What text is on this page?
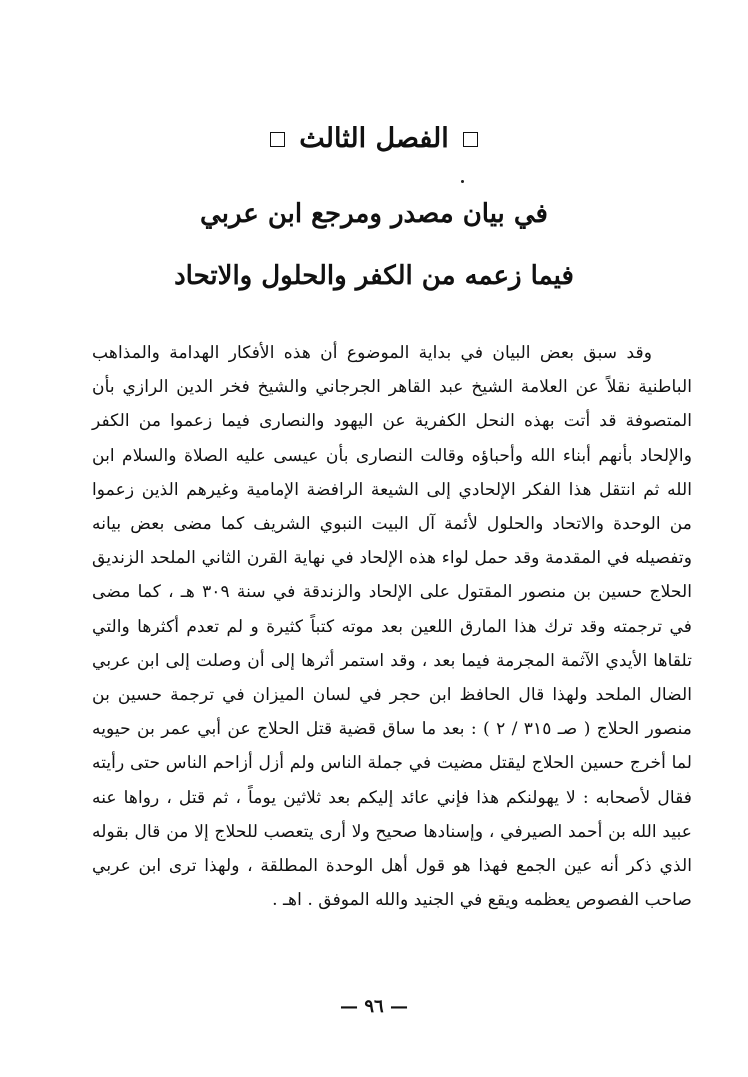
الفصل الثالث
في بيان مصدر ومرجع ابن عربي
فيما زعمه من الكفر والحلول والاتحاد

وقد سبق بعض البيان في بداية الموضوع أن هذه الأفكار الهدامة والمذاهب الباطنية نقلاً عن العلامة الشيخ عبد القاهر الجرجاني والشيخ فخر الدين الرازي بأن المتصوفة قد أتت بهذه النحل الكفرية عن اليهود والنصارى فيما زعموا من الكفر والإلحاد بأنهم أبناء الله وأحباؤه وقالت النصارى بأن عيسى عليه الصلاة والسلام ابن الله ثم انتقل هذا الفكر الإلحادي إلى الشيعة الرافضة الإمامية وغيرهم الذين زعموا من الوحدة والاتحاد والحلول لأئمة آل البيت النبوي الشريف كما مضى بعض بيانه وتفصيله في المقدمة وقد حمل لواء هذه الإلحاد في نهاية القرن الثاني الملحد الزنديق الحلاج حسين بن منصور المقتول على الإلحاد والزندقة في سنة ٣٠٩ هـ ، كما مضى في ترجمته وقد ترك هذا المارق اللعين بعد موته كتباً كثيرة و لم تعدم أكثرها والتي تلقاها الأيدي الآثمة المجرمة فيما بعد ، وقد استمر أثرها إلى أن وصلت إلى ابن عربي الضال الملحد ولهذا قال الحافظ ابن حجر في لسان الميزان في ترجمة حسين بن منصور الحلاج ( صـ ٣١٥ / ٢ ) : بعد ما ساق قضية قتل الحلاج عن أبي عمر بن حيويه لما أخرج حسين الحلاج ليقتل مضيت في جملة الناس ولم أزل أزاحم الناس حتى رأيته فقال لأصحابه : لا يهولنكم هذا فإني عائد إليكم بعد ثلاثين يوماً ، ثم قتل ، رواها عنه عبيد الله بن أحمد الصيرفي ، وإسنادها صحيح ولا أرى يتعصب للحلاج إلا من قال بقوله الذي ذكر أنه عين الجمع فهذا هو قول أهل الوحدة المطلقة ، ولهذا ترى ابن عربي صاحب الفصوص يعظمه ويقع في الجنيد والله الموفق . اهـ .

— ٩٦ —
